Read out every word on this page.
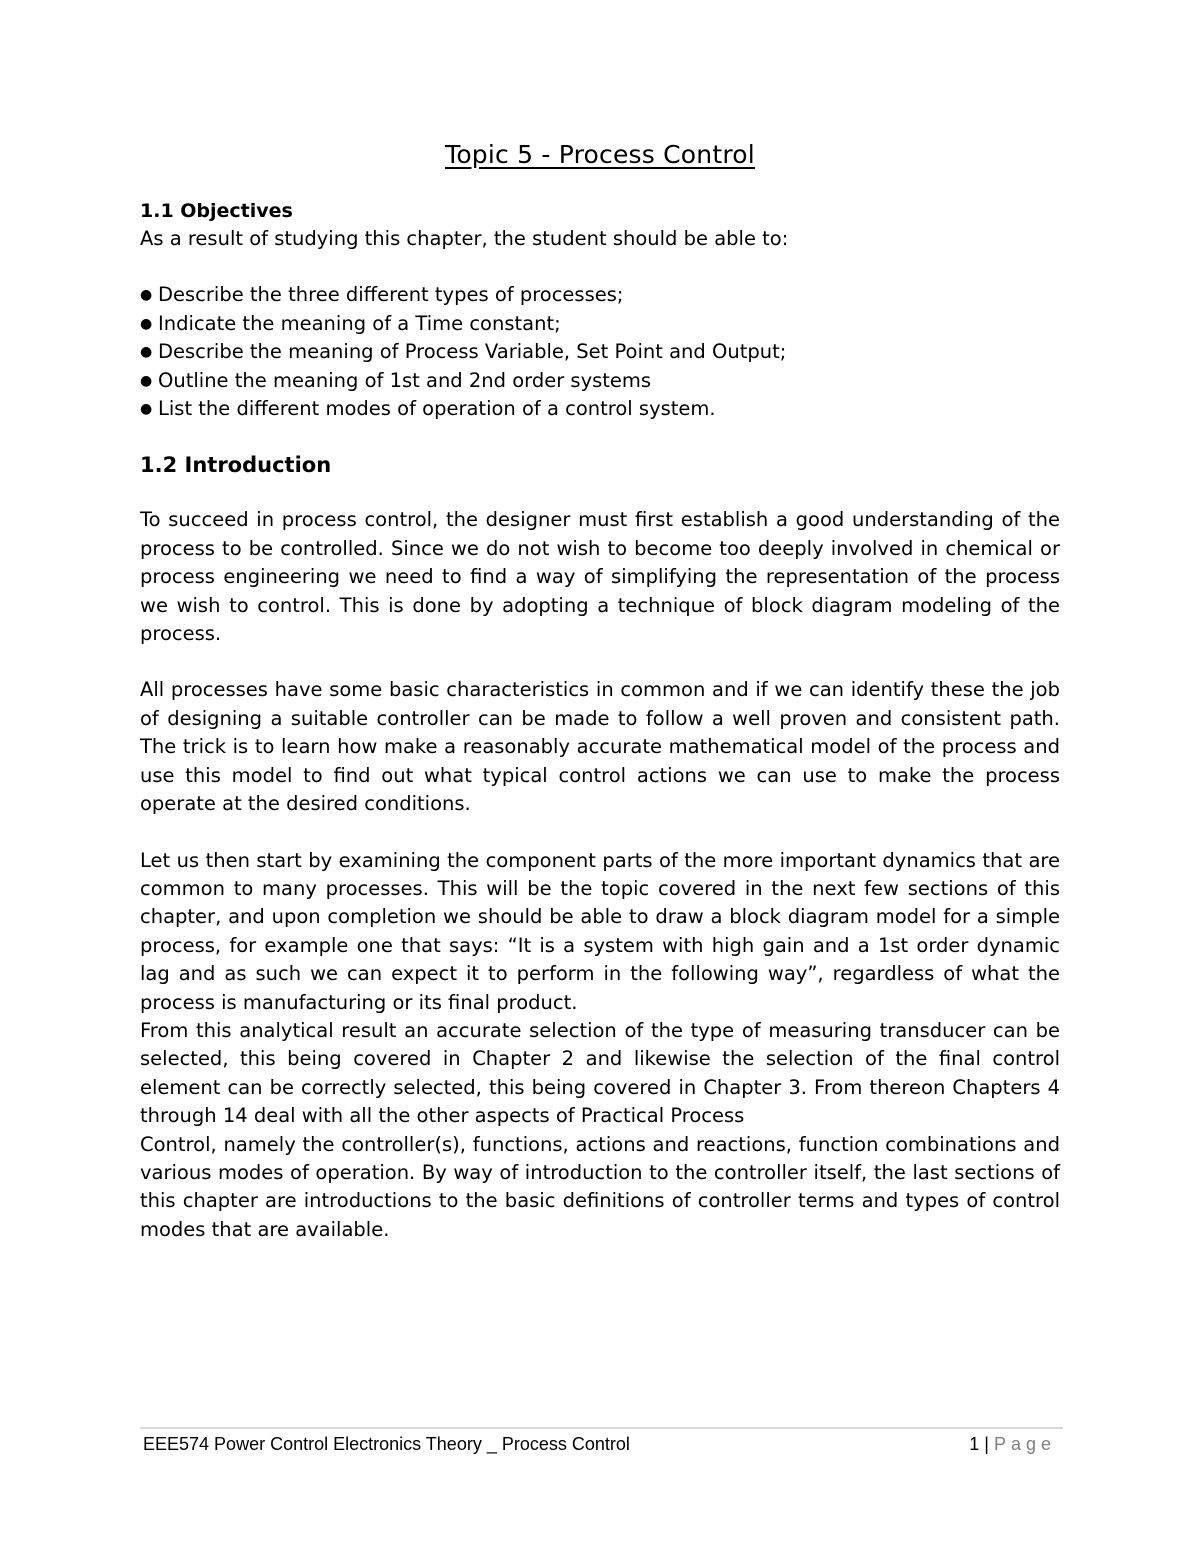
Topic 5 - Process Control
1.1 Objectives

As a result of studying this chapter, the student should be able to:

● Describe the three different types of processes;
● Indicate the meaning of a Time constant;
● Describe the meaning of Process Variable, Set Point and Output;
● Outline the meaning of 1st and 2nd order systems
● List the different modes of operation of a control system.
1.2 Introduction

To succeed in process control, the designer must first establish a good understanding of the process to be controlled. Since we do not wish to become too deeply involved in chemical or process engineering we need to find a way of simplifying the representation of the process we wish to control. This is done by adopting a technique of block diagram modeling of the process.

All processes have some basic characteristics in common and if we can identify these the job of designing a suitable controller can be made to follow a well proven and consistent path. The trick is to learn how make a reasonably accurate mathematical model of the process and use this model to find out what typical control actions we can use to make the process operate at the desired conditions.

Let us then start by examining the component parts of the more important dynamics that are common to many processes. This will be the topic covered in the next few sections of this chapter, and upon completion we should be able to draw a block diagram model for a simple process, for example one that says: “It is a system with high gain and a 1st order dynamic lag and as such we can expect it to perform in the following way”, regardless of what the process is manufacturing or its final product.

From this analytical result an accurate selection of the type of measuring transducer can be selected, this being covered in Chapter 2 and likewise the selection of the final control element can be correctly selected, this being covered in Chapter 3. From thereon Chapters 4 through 14 deal with all the other aspects of Practical Process

Control, namely the controller(s), functions, actions and reactions, function combinations and various modes of operation. By way of introduction to the controller itself, the last sections of this chapter are introductions to the basic definitions of controller terms and types of control modes that are available.

EEE574 Power Control Electronics Theory _ Process Control	1 | Page
